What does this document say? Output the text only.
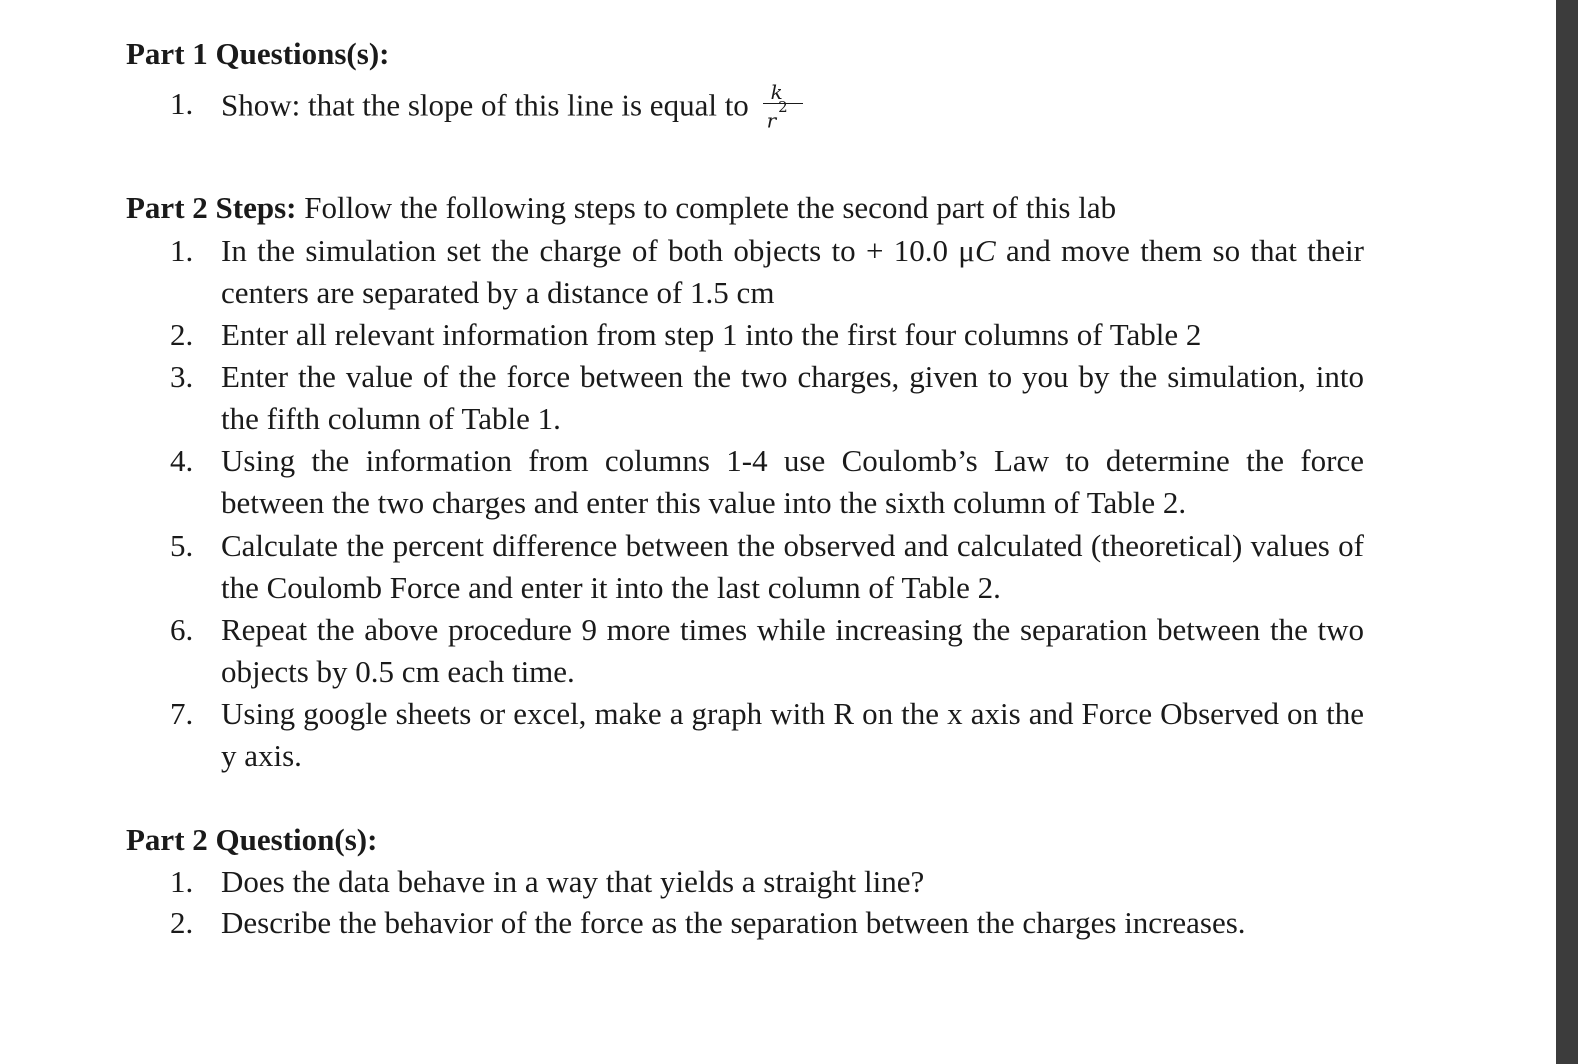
Part 1 Questions(s):
1. Show: that the slope of this line is equal to $\frac{k}{r^2}$
Part 2 Steps: Follow the following steps to complete the second part of this lab
1. In the simulation set the charge of both objects to + 10.0 μC and move them so that their centers are separated by a distance of 1.5 cm
2. Enter all relevant information from step 1 into the first four columns of Table 2
3. Enter the value of the force between the two charges, given to you by the simulation, into the fifth column of Table 1.
4. Using the information from columns 1-4 use Coulomb’s Law to determine the force between the two charges and enter this value into the sixth column of Table 2.
5. Calculate the percent difference between the observed and calculated (theoretical) values of the Coulomb Force and enter it into the last column of Table 2.
6. Repeat the above procedure 9 more times while increasing the separation between the two objects by 0.5 cm each time.
7. Using google sheets or excel, make a graph with R on the x axis and Force Observed on the y axis.
Part 2 Question(s):
1. Does the data behave in a way that yields a straight line?
2. Describe the behavior of the force as the separation between the charges increases.
